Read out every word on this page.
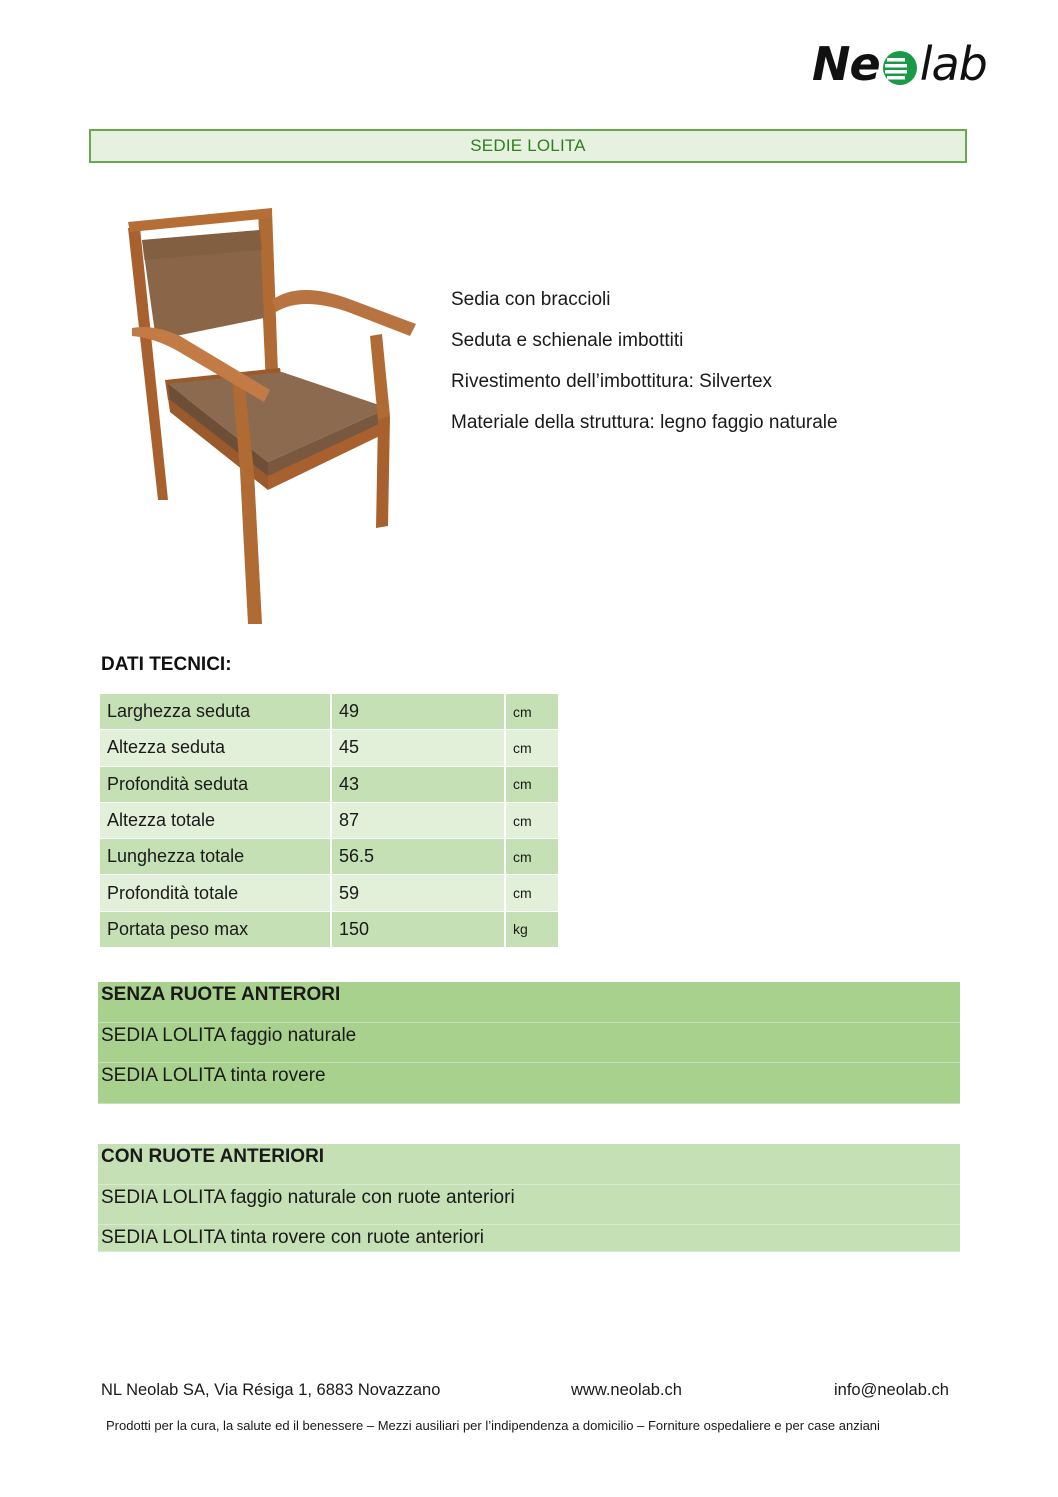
Ne lab
SEDIE LOLITA
Sedia con braccioli
Seduta e schienale imbottiti
Rivestimento dell’imbottitura: Silvertex
Materiale della struttura: legno faggio naturale
DATI TECNICI:
Larghezza seduta	49	cm
Altezza seduta	45	cm
Profondità seduta	43	cm
Altezza totale	87	cm
Lunghezza totale	56.5	cm
Profondità totale	59	cm
Portata peso max	150	kg
SENZA RUOTE ANTERORI
SEDIA LOLITA faggio naturale
SEDIA LOLITA tinta rovere
CON RUOTE ANTERIORI
SEDIA LOLITA faggio naturale con ruote anteriori
SEDIA LOLITA tinta rovere con ruote anteriori
NL Neolab SA, Via Résiga 1, 6883 Novazzano	www.neolab.ch	info@neolab.ch
Prodotti per la cura, la salute ed il benessere – Mezzi ausiliari per l’indipendenza a domicilio – Forniture ospedaliere e per case anziani
